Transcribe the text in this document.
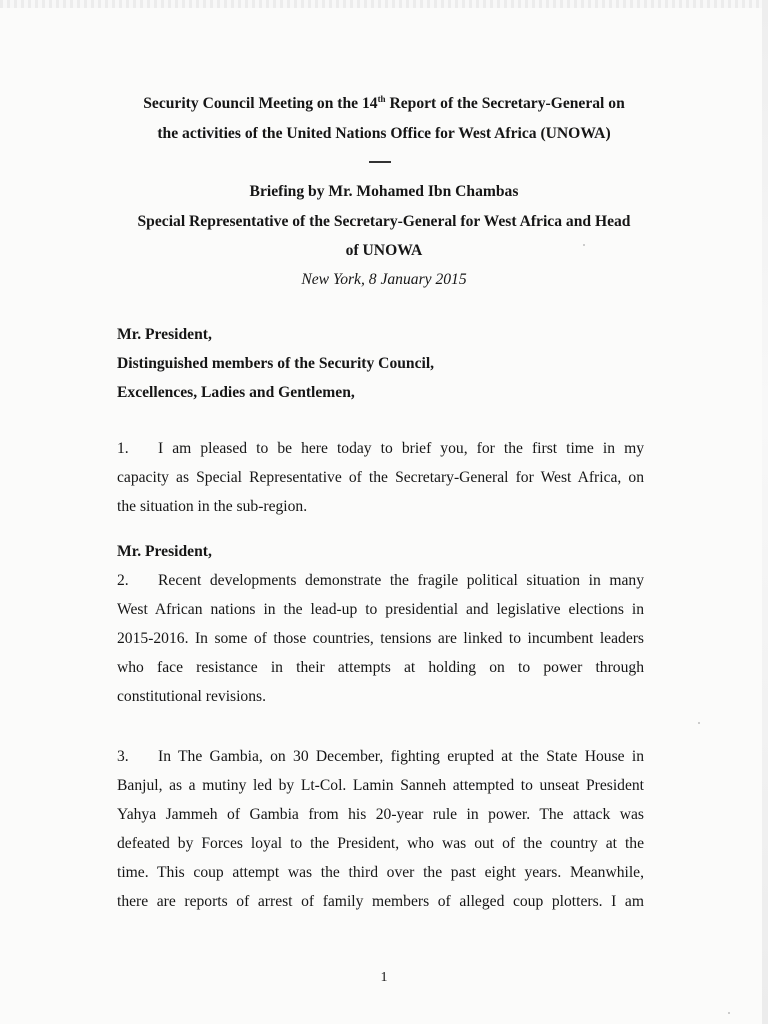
Security Council Meeting on the 14th Report of the Secretary-General on
the activities of the United Nations Office for West Africa (UNOWA)
Briefing by Mr. Mohamed Ibn Chambas
Special Representative of the Secretary-General for West Africa and Head
of UNOWA
New York, 8 January 2015
Mr. President,
Distinguished members of the Security Council,
Excellences, Ladies and Gentlemen,
1.	I am pleased to be here today to brief you, for the first time in my
capacity as Special Representative of the Secretary-General for West Africa, on
the situation in the sub-region.
Mr. President,
2.	Recent developments demonstrate the fragile political situation in many
West African nations in the lead-up to presidential and legislative elections in
2015-2016. In some of those countries, tensions are linked to incumbent leaders
who face resistance in their attempts at holding on to power through
constitutional revisions.
3.	In The Gambia, on 30 December, fighting erupted at the State House in
Banjul, as a mutiny led by Lt-Col. Lamin Sanneh attempted to unseat President
Yahya Jammeh of Gambia from his 20-year rule in power. The attack was
defeated by Forces loyal to the President, who was out of the country at the
time. This coup attempt was the third over the past eight years. Meanwhile,
there are reports of arrest of family members of alleged coup plotters. I am
1
